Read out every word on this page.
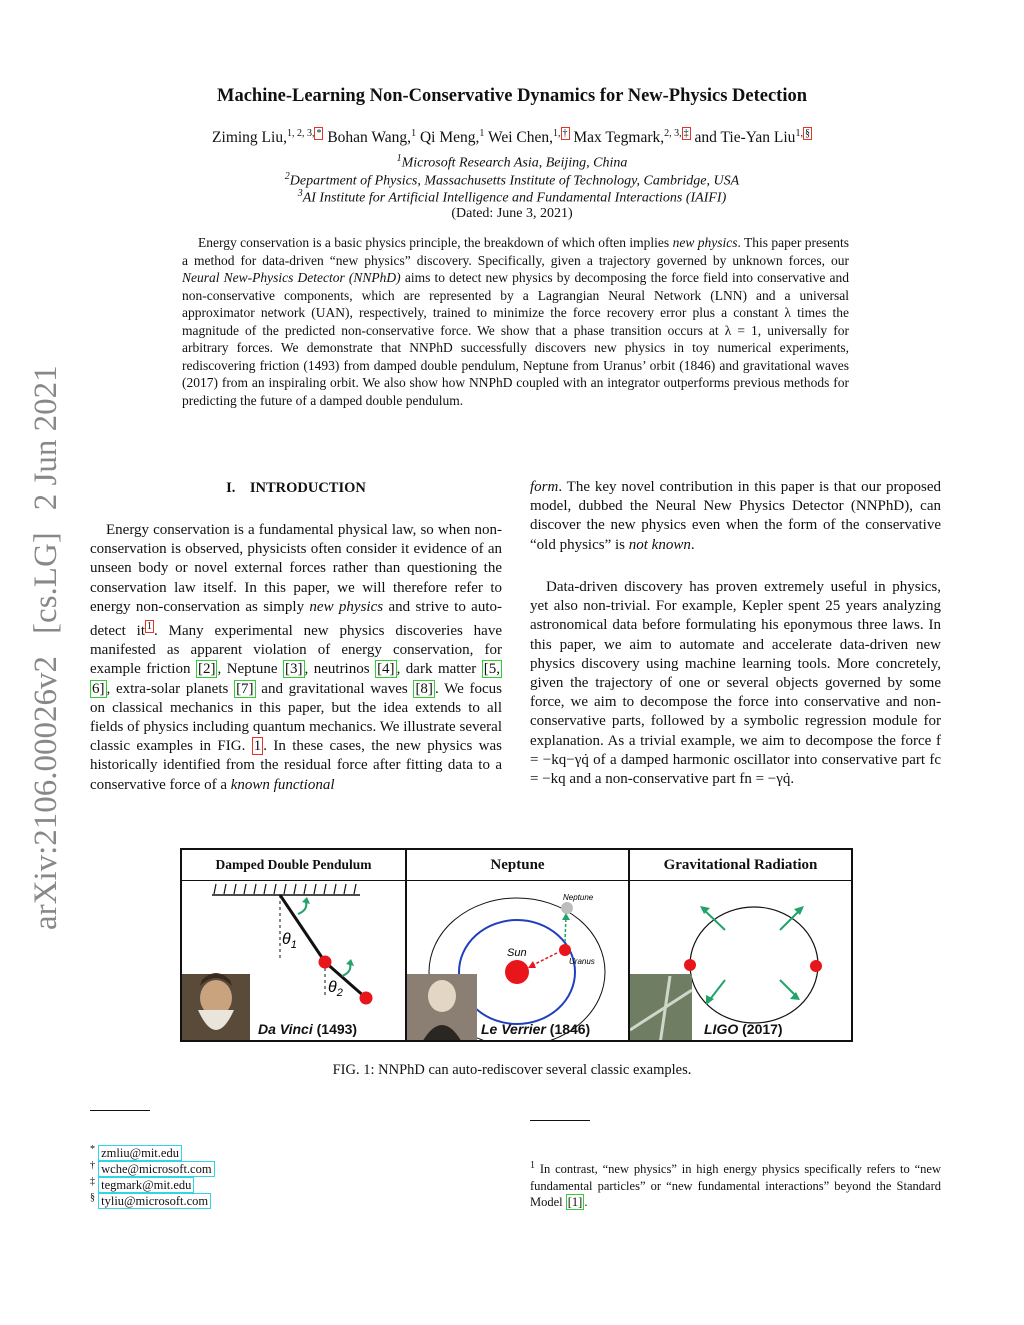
arXiv:2106.00026v2[cs.LG]2 Jun 2021
Machine-Learning Non-Conservative Dynamics for New-Physics Detection
Ziming Liu,$^{1, 2, 3,}$ * Bohan Wang,$^1$ Qi Meng,$^1$ Wei Chen,$^{1,}$ † Max Tegmark,$^{2, 3,}$ ‡ and Tie-Yan Liu$^{1,}$ §
$^1$Microsoft Research Asia, Beijing, China
$^2$Department of Physics, Massachusetts Institute of Technology, Cambridge, USA
$^3$AI Institute for Artificial Intelligence and Fundamental Interactions (IAIFI)
(Dated: June 3, 2021)
Energy conservation is a basic physics principle, the breakdown of which often implies new physics. This paper presents a method for data-driven “new physics” discovery. Specifically, given a trajectory governed by unknown forces, our Neural New-Physics Detector (NNPhD) aims to detect new physics by decomposing the force field into conservative and non-conservative components, which are represented by a Lagrangian Neural Network (LNN) and a universal approximator network (UAN), respectively, trained to minimize the force recovery error plus a constant λ times the magnitude of the predicted non-conservative force. We show that a phase transition occurs at λ = 1, universally for arbitrary forces. We demonstrate that NNPhD successfully discovers new physics in toy numerical experiments, rediscovering friction (1493) from damped double pendulum, Neptune from Uranus’ orbit (1846) and gravitational waves (2017) from an inspiraling orbit. We also show how NNPhD coupled with an integrator outperforms previous methods for predicting the future of a damped double pendulum.
I.    INTRODUCTION
Energy conservation is a fundamental physical law, so when non-conservation is observed, physicists often consider it evidence of an unseen body or novel external forces rather than questioning the conservation law itself. In this paper, we will therefore refer to energy non-conservation as simply new physics and strive to auto-detect it $^1$ . Many experimental new physics discoveries have manifested as apparent violation of energy conservation, for example friction [2] , Neptune [3] , neutrinos [4] , dark matter [5, 6] , extra-solar planets [7] and gravitational waves [8] . We focus on classical mechanics in this paper, but the idea extends to all fields of physics including quantum mechanics. We illustrate several classic examples in FIG. 1 . In these cases, the new physics was historically identified from the residual force after fitting data to a conservative force of a known functional
form. The key novel contribution in this paper is that our proposed model, dubbed the Neural New Physics Detector (NNPhD), can discover the new physics even when the form of the conservative “old physics” is not known.
Data-driven discovery has proven extremely useful in physics, yet also non-trivial. For example, Kepler spent 25 years analyzing astronomical data before formulating his eponymous three laws. In this paper, we aim to automate and accelerate data-driven new physics discovery using machine learning tools. More concretely, given the trajectory of one or several objects governed by some force, we aim to decompose the force into conservative and non-conservative parts, followed by a symbolic regression module for explanation. As a trivial example, we aim to decompose the force f = −kq−γq̇ of a damped harmonic oscillator into conservative part fc = −kq and a non-conservative part fn = −γq̇.
Damped Double Pendulum
$\theta_1$
$\theta_2$
Da Vinci (1493)
Neptune
Sun
Uranus
Neptune
Le Verrier (1846)
Gravitational Radiation
LIGO (2017)
FIG. 1: NNPhD can auto-rediscover several classic examples.
* zmliu@mit.edu
† wche@microsoft.com
‡ tegmark@mit.edu
§ tyliu@microsoft.com
$^1$ In contrast, “new physics” in high energy physics specifically refers to “new fundamental particles” or “new fundamental interactions” beyond the Standard Model [1] .
